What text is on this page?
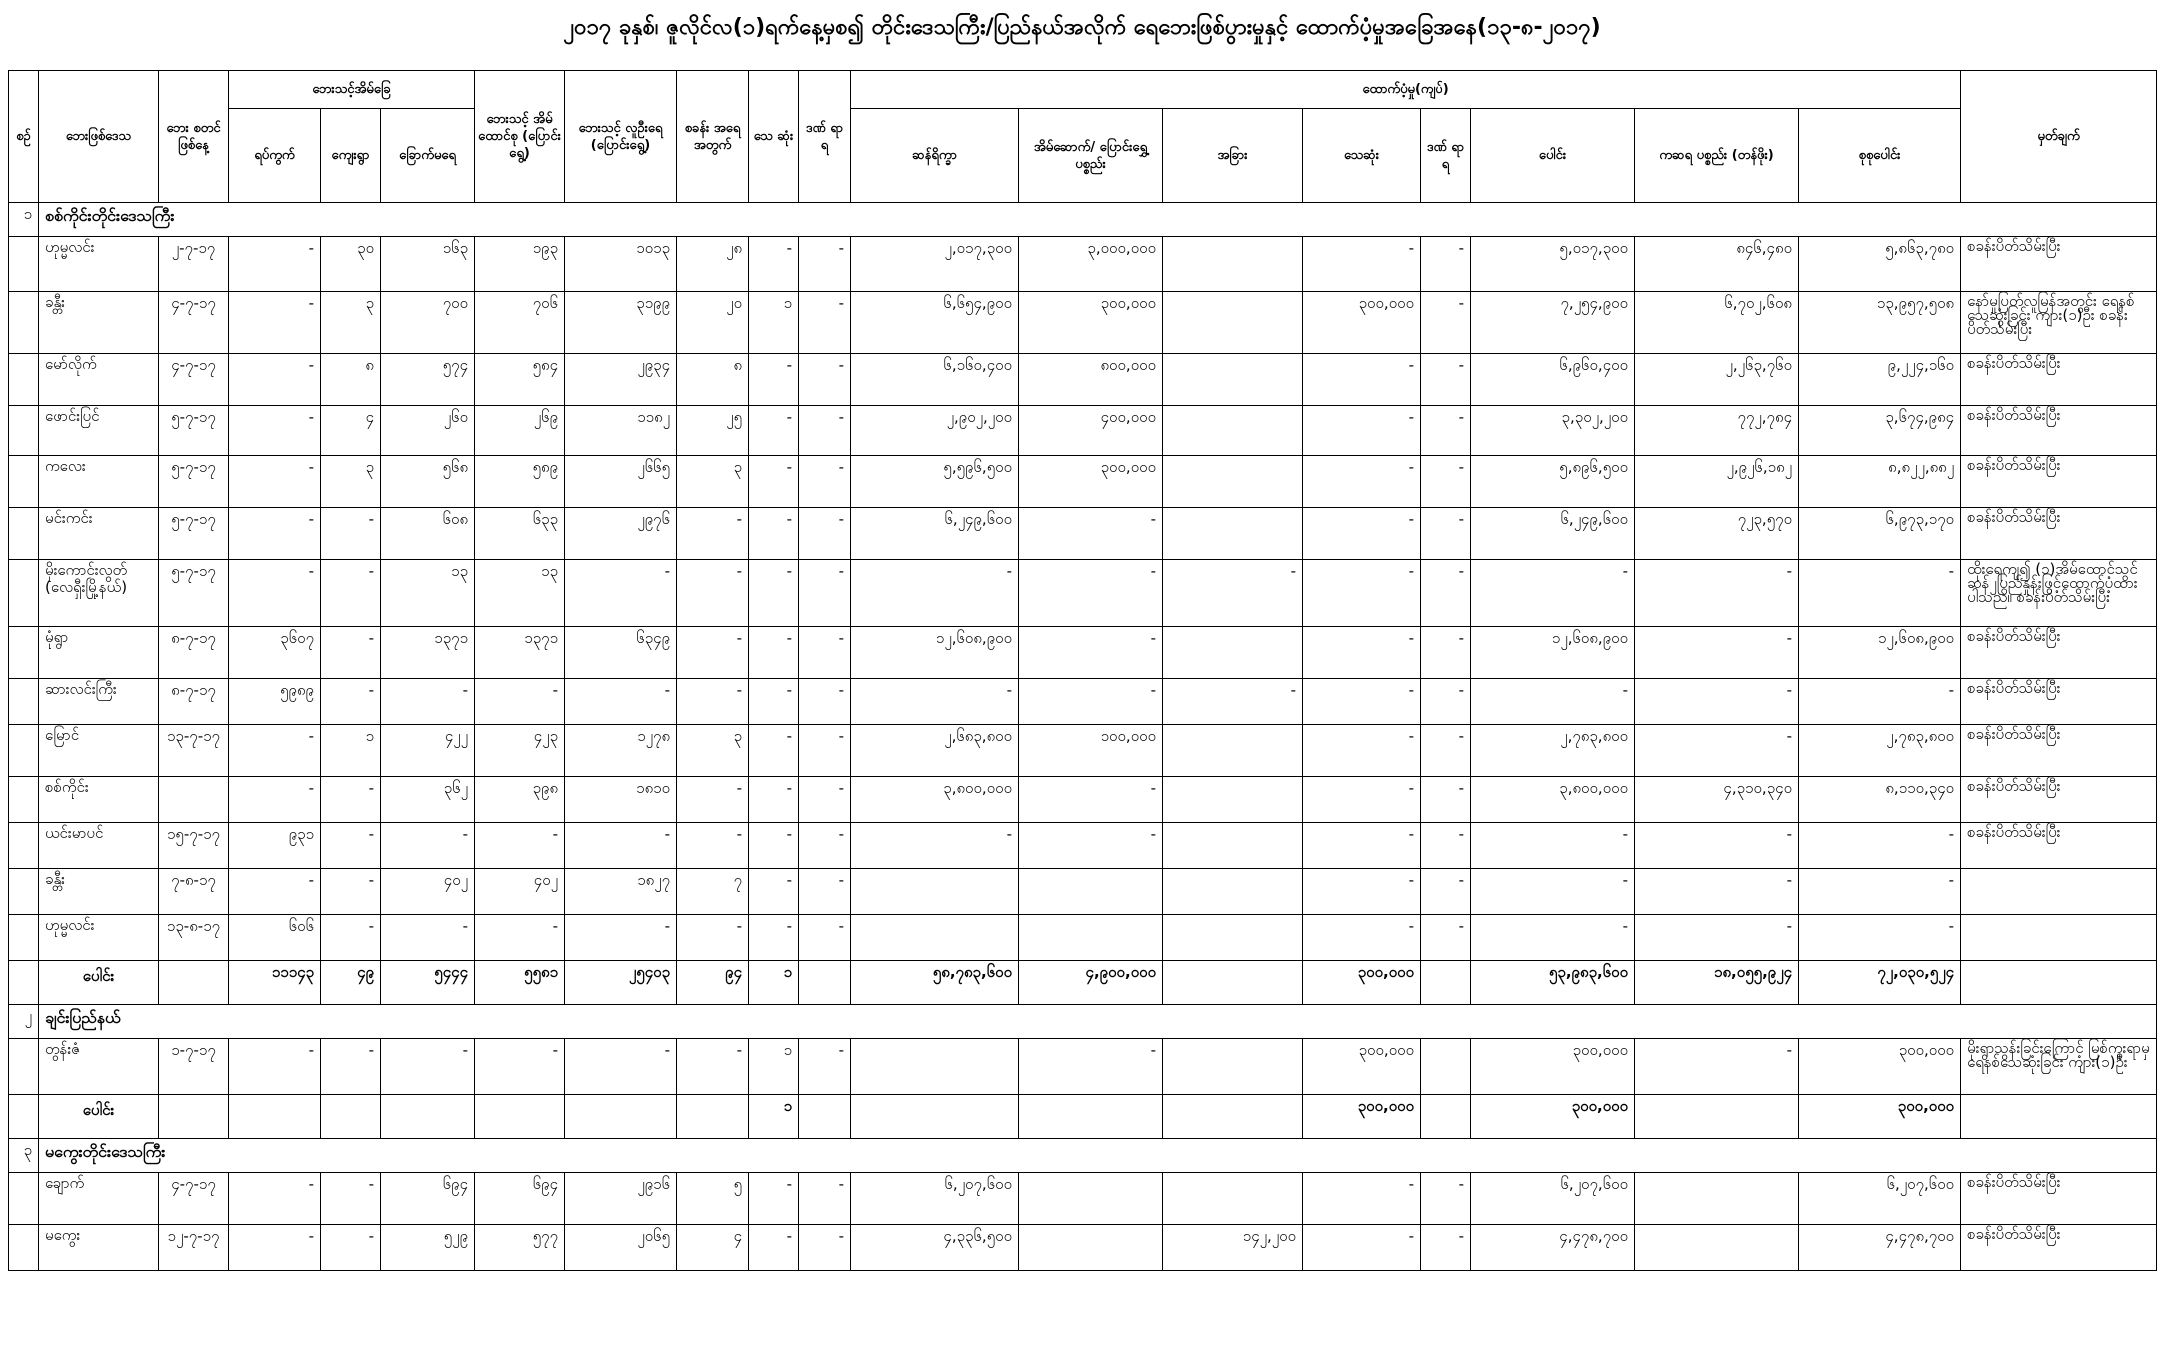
၂၀၁၇ ခုနှစ်၊ ဇူလိုင်လ(၁)ရက်နေ့မှစ၍ တိုင်းဒေသကြီး/ပြည်နယ်အလိုက် ရေဘေးဖြစ်ပွားမှုနှင့် ထောက်ပံ့မှုအခြေအနေ(၁၃-၈-၂၀၁၇)
စဥ်	ဘေးဖြစ်ဒေသ	ဘေး စတင် ဖြစ်နေ့	ဘေးသင့်အိမ်ခြေ			ဘေးသင့် အိမ် ထောင်စု (ပြောင်းရွေ့)	ဘေးသင့် လူဦးရေ (ပြောင်းရွေ့)	စခန်း အရေ အတွက်	သေ ဆုံး	ဒဏ် ရာ ရ	ထောက်ပံ့မှု(ကျပ်)								မှတ်ချက်
			ရပ်ကွက်	ကျေးရွာ	ခြောက်မရေ						ဆန်ရိက္ခာ	အိမ်ဆောက်/ ပြောင်းရွှေ့ ပစ္စည်း	အခြား	သေဆုံး	ဒဏ် ရာ ရ	ပေါင်း	ကဆရ ပစ္စည်း (တန်ဖိုး)	စုစုပေါင်း	
၁	စစ်ကိုင်းတိုင်းဒေသကြီး																		
	ဟုမ္မလင်း	၂-၇-၁၇	-	၃၀	၁၆၃	၁၉၃	၁၀၁၃	၂၈	-	-	၂,၀၁၇,၃၀၀	၃,၀၀၀,၀၀၀		-	-	၅,၀၁၇,၃၀၀	၈၄၆,၄၈၀	၅,၈၆၃,၇၈၀	စခန်းပိတ်သိမ်းပြီး
	ခန္တီး	၄-၇-၁၇	-	၃	၇၀၀	၇၀၆	၃၁၉၉	၂၀	၁	-	၆,၆၅၄,၉၀၀	၃၀၀,၀၀၀		၃၀၀,၀၀၀	-	၇,၂၅၄,၉၀၀	၆,၇၀၂,၆၀၈	၁၃,၉၅၇,၅၀၈	နော်မှုပြတ်လူမြန်အတွင်း ရေနစ်သေဆုံးခြင်း ကျား(၁)ဦး စခန်းပိတ်သိမ်းပြီး
	မော်လိုက်	၄-၇-၁၇	-	၈	၅၇၄	၅၈၄	၂၉၃၄	၈	-	-	၆,၁၆၀,၄၀၀	၈၀၀,၀၀၀		-	-	၆,၉၆၀,၄၀၀	၂,၂၆၃,၇၆၀	၉,၂၂၄,၁၆၀	စခန်းပိတ်သိမ်းပြီး
	ဖောင်းပြင်	၅-၇-၁၇	-	၄	၂၆၀	၂၆၉	၁၁၈၂	၂၅	-	-	၂,၉၀၂,၂၀၀	၄၀၀,၀၀၀		-	-	၃,၃၀၂,၂၀၀	၇၇၂,၇၈၄	၃,၆၇၄,၉၈၄	စခန်းပိတ်သိမ်းပြီး
	ကလေး	၅-၇-၁၇	-	၃	၅၆၈	၅၈၉	၂၆၆၅	၃	-	-	၅,၅၉၆,၅၀၀	၃၀၀,၀၀၀		-	-	၅,၈၉၆,၅၀၀	၂,၉၂၆,၁၈၂	၈,၈၂၂,၈၈၂	စခန်းပိတ်သိမ်းပြီး
	မင်းကင်း	၅-၇-၁၇	-	-	၆၀၈	၆၃၃	၂၉၇၆	-	-	-	၆,၂၄၉,၆၀၀	-		-	-	၆,၂၄၉,၆၀၀	၇၂၃,၅၇၀	၆,၉၇၃,၁၇၀	စခန်းပိတ်သိမ်းပြီး
	မိုးကောင်းလွတ် (လေရှီးမြို့နယ်)	၅-၇-၁၇	-	-	၁၃	၁၃	-	-	-	-	-	-	-	-	-	-	-	-	ထိုးရေကျ၍ (၁)အိမ်ထောင်သွင် ဆန်၂ပြည်နှုန်းဖြင့်ထောက်ပံ့ထားပါသည်။ စခန်းပိတ်သိမ်းပြီး
	မုံရွာ	၈-၇-၁၇	၃၆၀၇	-	၁၃၇၁	၁၃၇၁	၆၃၄၉	-	-	-	၁၂,၆၀၈,၉၀၀	-		-	-	၁၂,၆၀၈,၉၀၀	-	၁၂,၆၀၈,၉၀၀	စခန်းပိတ်သိမ်းပြီး
	ဆားလင်းကြီး	၈-၇-၁၇	၅၉၈၉	-	-	-	-	-	-	-	-	-	-	-	-	-	-	-	စခန်းပိတ်သိမ်းပြီး
	မြောင်	၁၃-၇-၁၇	-	၁	၄၂၂	၄၂၃	၁၂၇၈	၃	-	-	၂,၆၈၃,၈၀၀	၁၀၀,၀၀၀		-	-	၂,၇၈၃,၈၀၀	-	၂,၇၈၃,၈၀၀	စခန်းပိတ်သိမ်းပြီး
	စစ်ကိုင်း		-	-	၃၆၂	၃၉၈	၁၈၁၀	-	-	-	၃,၈၀၀,၀၀၀	-		-	-	၃,၈၀၀,၀၀၀	၄,၃၁၀,၃၄၀	၈,၁၁၀,၃၄၀	စခန်းပိတ်သိမ်းပြီး
	ယင်းမာပင်	၁၅-၇-၁၇	၉၃၁	-	-	-	-	-	-	-	-	-		-	-	-	-	-	စခန်းပိတ်သိမ်းပြီး
	ခန္တီး	၇-၈-၁၇	-	-	၄၀၂	၄၀၂	၁၈၂၇	၇	-	-				-	-	-	-	-	
	ဟုမ္မလင်း	၁၃-၈-၁၇	၆၀၆	-	-	-	-	-	-	-				-	-	-	-	-	
	ပေါင်း		၁၁၁၄၃	၄၉	၅၄၄၄	၅၅၈၁	၂၅၄၀၃	၉၄	၁		၅၈,၇၈၃,၆၀၀	၄,၉၀၀,၀၀၀		၃၀၀,၀၀၀		၅၃,၉၈၃,၆၀၀	၁၈,၀၅၅,၉၂၄	၇၂,၀၃၀,၅၂၄	
၂	ချင်းပြည်နယ်																		
	တွန်းဇံ	၁-၇-၁၇	-	-	-	-	-	-	၁	-		-		၃၀၀,၀၀၀		၃၀၀,၀၀၀	-	၃၀၀,၀၀၀	မိုးရွာသွန်းခြင်းကြောင့် မြစ်ကူးရာမှ ရေနစ်သေဆုံးခြင်း ကျား(၁)ဦး
	ပေါင်း								၁					၃၀၀,၀၀၀		၃၀၀,၀၀၀		၃၀၀,၀၀၀	
၃	မကွေးတိုင်းဒေသကြီး																		
	ချောက်	၄-၇-၁၇	-	-	၆၉၄	၆၉၄	၂၉၁၆	၅	-	-	၆,၂၀၇,၆၀၀			-	-	၆,၂၀၇,၆၀၀		၆,၂၀၇,၆၀၀	စခန်းပိတ်သိမ်းပြီး
	မကွေး	၁၂-၇-၁၇	-	-	၅၂၉	၅၇၇	၂၀၆၅	၄	-	-	၄,၃၃၆,၅၀၀		၁၄၂,၂၀၀	-	-	၄,၄၇၈,၇၀၀		၄,၄၇၈,၇၀၀	စခန်းပိတ်သိမ်းပြီး
